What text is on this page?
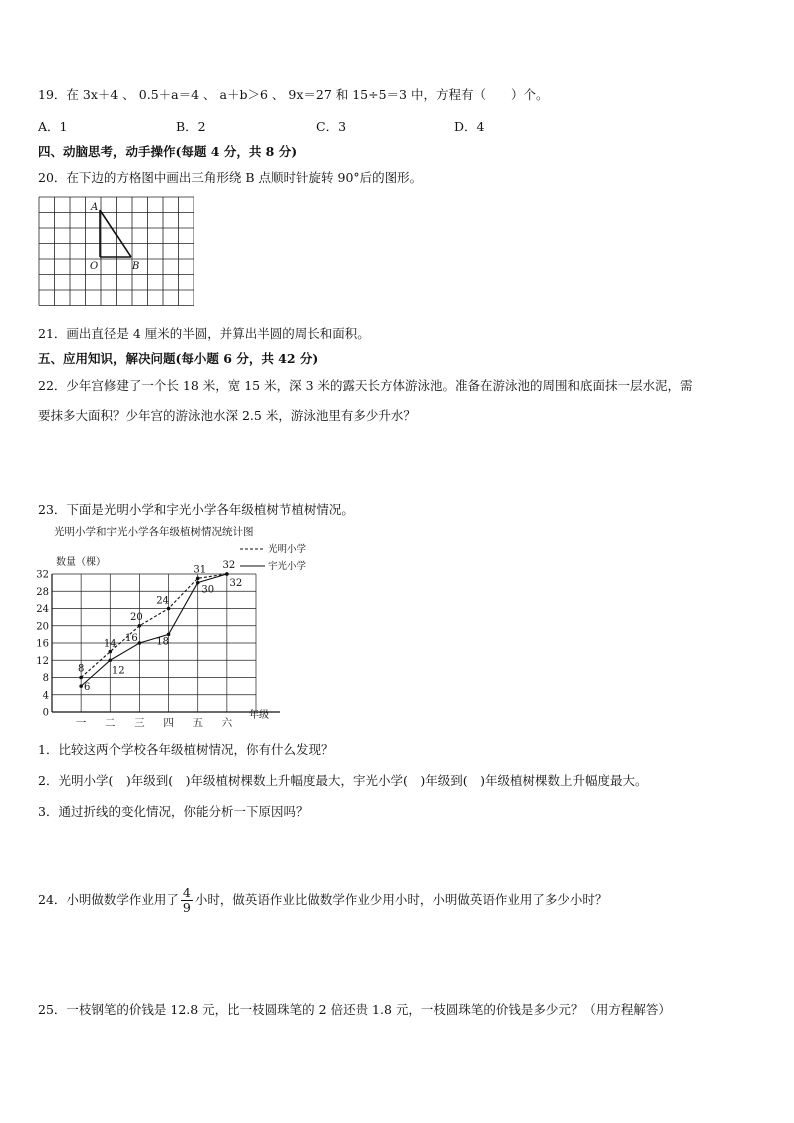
19．在 3x＋4 、 0.5＋a＝4 、 a＋b＞6 、 9x＝27 和 15÷5＝3 中，方程有（　　）个。
A．1	B．2	C．3	D．4
四、动脑思考，动手操作(每题 4 分，共 8 分)
20．在下边的方格图中画出三角形绕 B 点顺时针旋转 90°后的图形。
A
O	B
21．画出直径是 4 厘米的半圆，并算出半圆的周长和面积。
五、应用知识，解决问题(每小题 6 分，共 42 分)
22．少年宫修建了一个长 18 米，宽 15 米，深 3 米的露天长方体游泳池。准备在游泳池的周围和底面抹一层水泥，需
要抹多大面积？少年宫的游泳池水深 2.5 米，游泳池里有多少升水？
23．下面是光明小学和宇光小学各年级植树节植树情况。
光明小学和宇光小学各年级植树情况统计图
数量（棵）
0
4
8
12
16
20
24
28
32
一 二 三 四 五 六
8
14
20
24
31 32
6
12
16 18
30
32
年级
光明小学
宇光小学
1．比较这两个学校各年级植树情况，你有什么发现？
2．光明小学(　)年级到(　)年级植树棵数上升幅度最大，宇光小学(　)年级到(　)年级植树棵数上升幅度最大。
3．通过折线的变化情况，你能分析一下原因吗？
24．小明做数学作业用了 $\frac{4}{9}$ 小时，做英语作业比做数学作业少用小时，小明做英语作业用了多少小时？
25．一枝钢笔的价钱是 12.8 元，比一枝圆珠笔的 2 倍还贵 1.8 元，一枝圆珠笔的价钱是多少元？（用方程解答）
